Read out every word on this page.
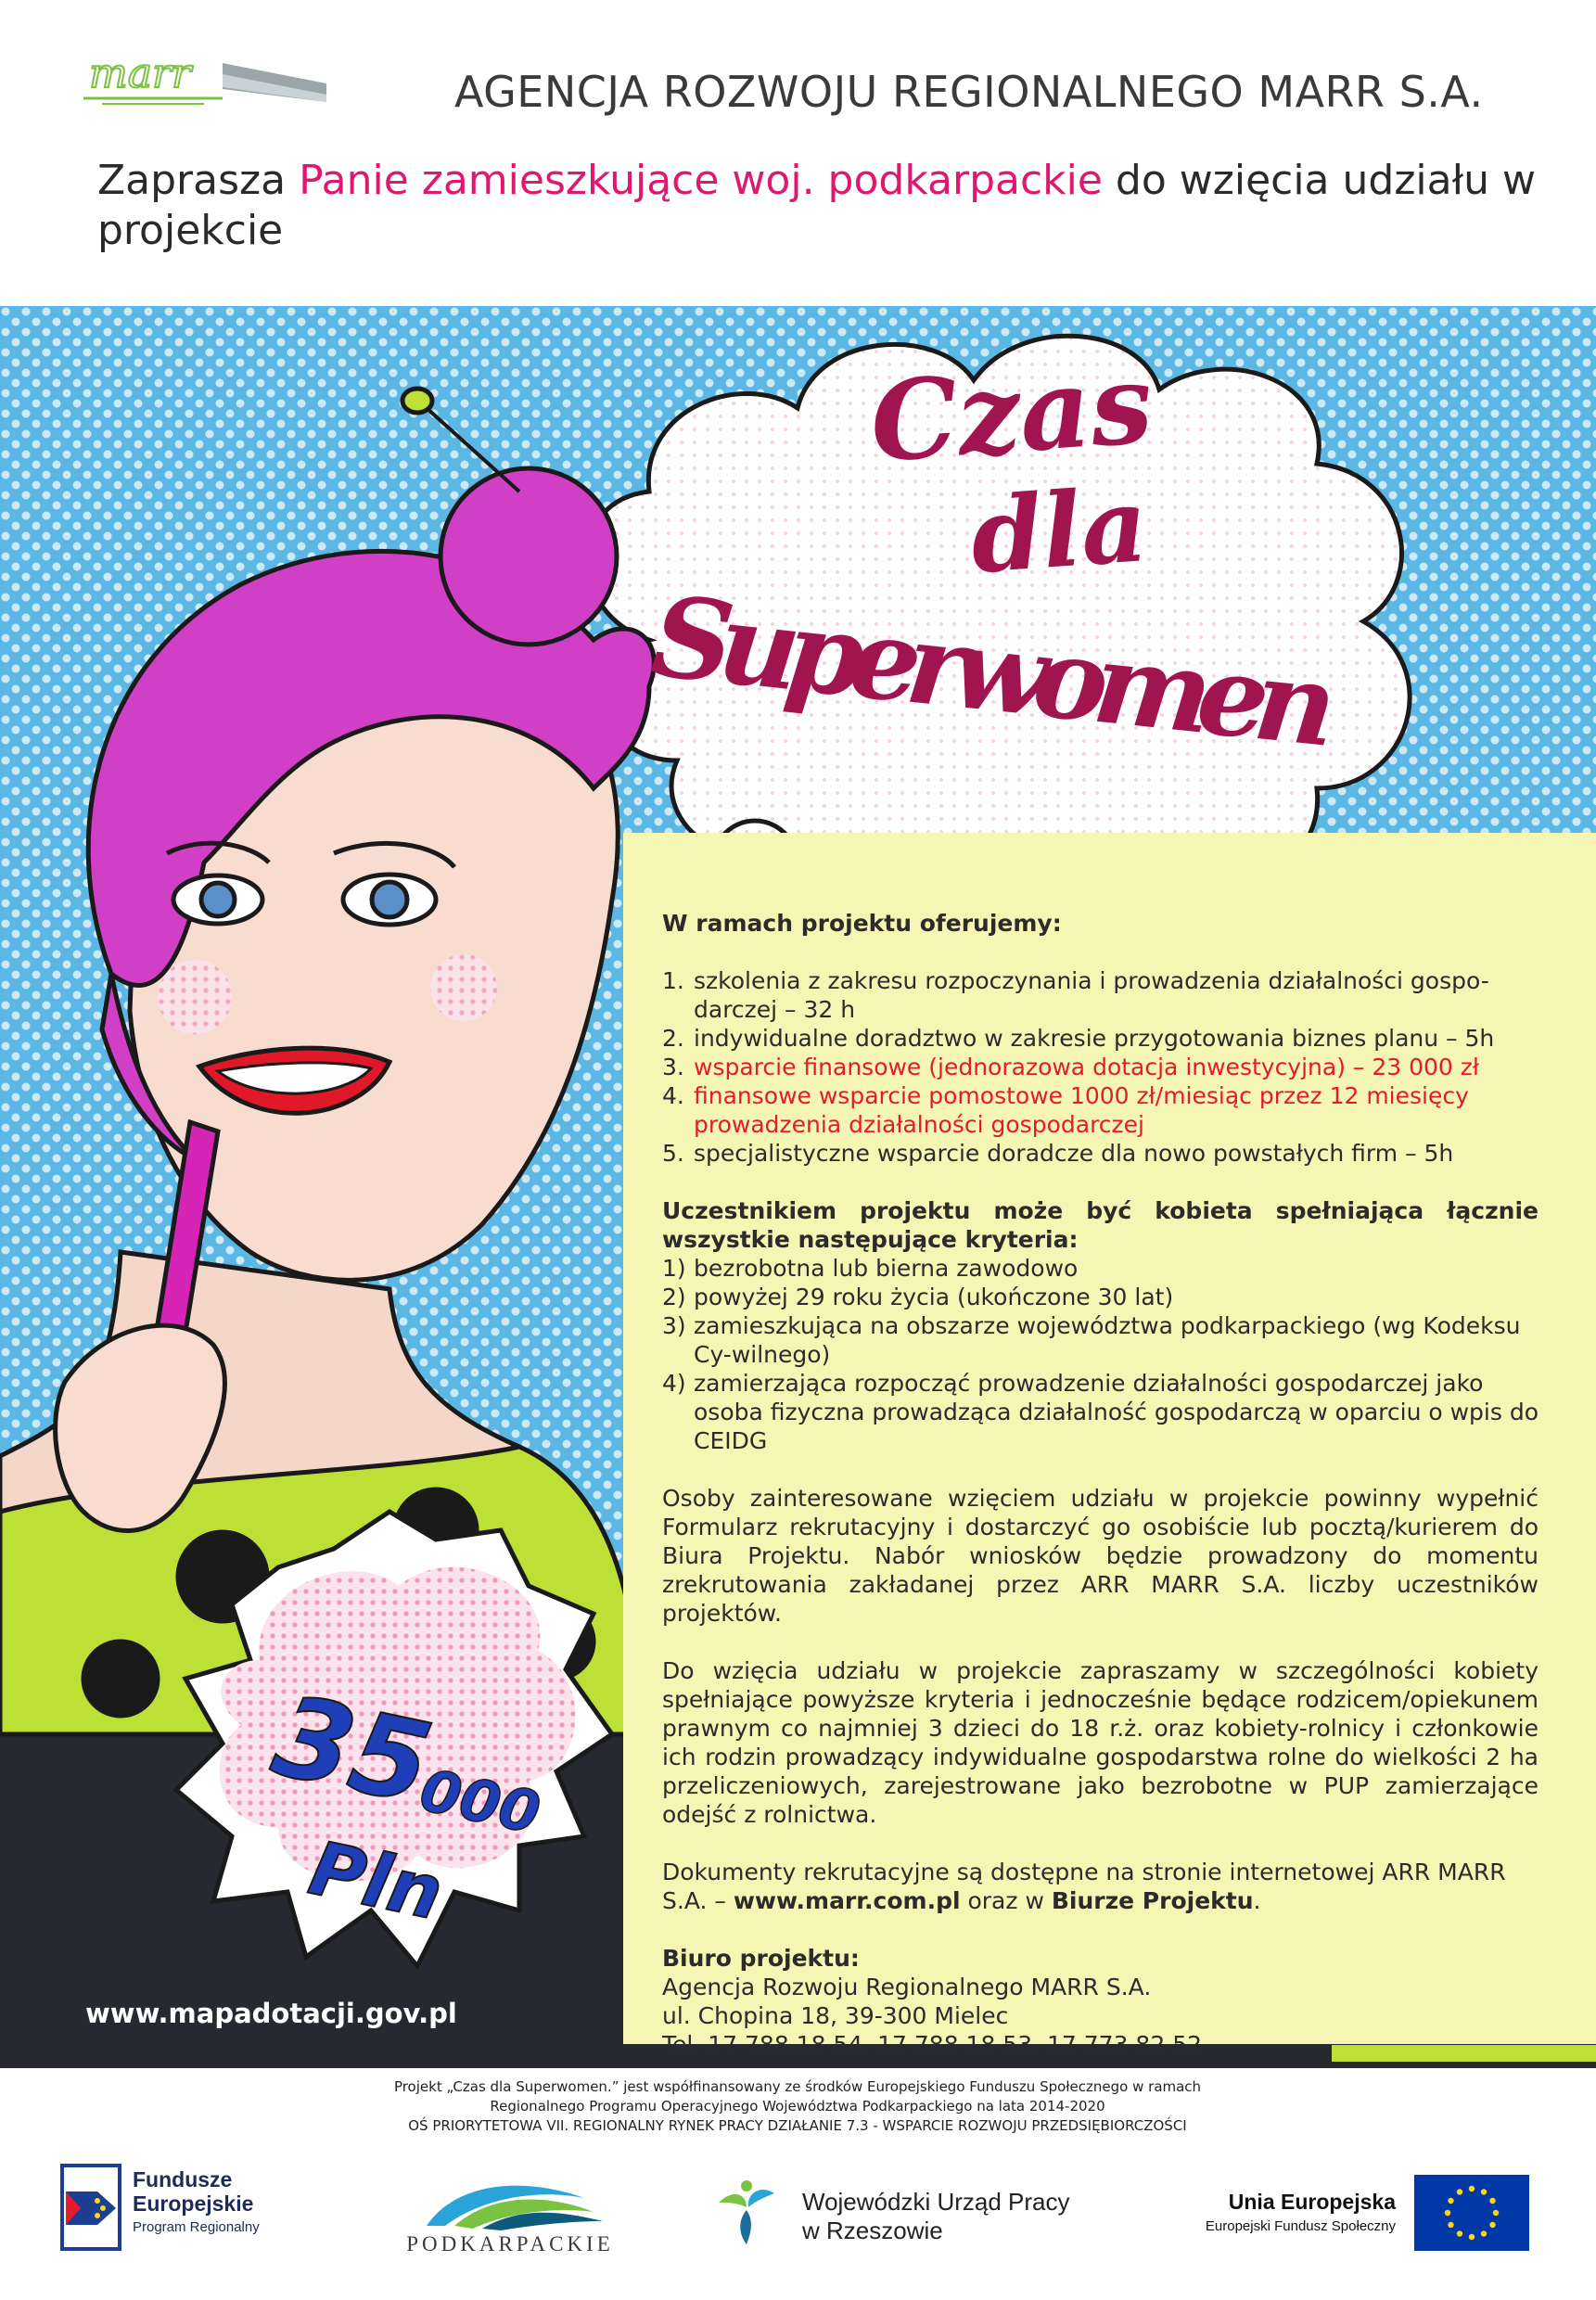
marr	AGENCJA ROZWOJU REGIONALNEGO MARR S.A.
Zaprasza Panie zamieszkujące woj. podkarpackie do wzięcia udziału w projekcie
Czas
dla
Superwomen
35
000
Pln

W ramach projektu oferujemy:

1. szkolenia z zakresu rozpoczynania i prowadzenia działalności gospo-darczej – 32 h
2. indywidualne doradztwo w zakresie przygotowania biznes planu – 5h
3. wsparcie finansowe (jednorazowa dotacja inwestycyjna) – 23 000 zł
4. finansowe wsparcie pomostowe 1000 zł/miesiąc przez 12 miesięcy prowadzenia działalności gospodarczej
5. specjalistyczne wsparcie doradcze dla nowo powstałych firm – 5h

Uczestnikiem projektu może być kobieta spełniająca łącznie wszystkie następujące kryteria:

1) bezrobotna lub bierna zawodowo
2) powyżej 29 roku życia (ukończone 30 lat)
3) zamieszkująca na obszarze województwa podkarpackiego (wg Kodeksu Cy-wilnego)
4) zamierzająca rozpocząć prowadzenie działalności gospodarczej jako osoba fizyczna prowadząca działalność gospodarczą w oparciu o wpis do CEIDG

Osoby zainteresowane wzięciem udziału w projekcie powinny wypełnić Formularz rekrutacyjny i dostarczyć go osobiście lub pocztą/kurierem do Biura Projektu. Nabór wniosków będzie prowadzony do momentu zrekrutowania zakładanej przez ARR MARR S.A. liczby uczestników projektów.

Do wzięcia udziału w projekcie zapraszamy w szczególności kobiety spełniające powyższe kryteria i jednocześnie będące rodzicem/opiekunem prawnym co najmniej 3 dzieci do 18 r.ż. oraz kobiety-rolnicy i członkowie ich rodzin prowadzący indywidualne gospodarstwa rolne do wielkości 2 ha przeliczeniowych, zarejestrowane jako bezrobotne w PUP zamierzające odejść z rolnictwa.

Dokumenty rekrutacyjne są dostępne na stronie internetowej ARR MARR S.A. – www.marr.com.pl oraz w Biurze Projektu.

Biuro projektu:

Agencja Rozwoju Regionalnego MARR S.A.

ul. Chopina 18, 39-300 Mielec

Tel. 17 788 18 54, 17 788 18 53, 17 773 82 52

www.mapadotacji.gov.pl
Projekt „Czas dla Superwomen.” jest współfinansowany ze środków Europejskiego Funduszu Społecznego w ramach
Regionalnego Programu Operacyjnego Województwa Podkarpackiego na lata 2014-2020
OŚ PRIORYTETOWA VII. REGIONALNY RYNEK PRACY DZIAŁANIE 7.3 - WSPARCIE ROZWOJU PRZEDSIĘBIORCZOŚCI
Fundusze
Europejskie
Program Regionalny
PODKARPACKIE
Wojewódzki Urząd Pracy
w Rzeszowie
Unia Europejska
Europejski Fundusz Społeczny
